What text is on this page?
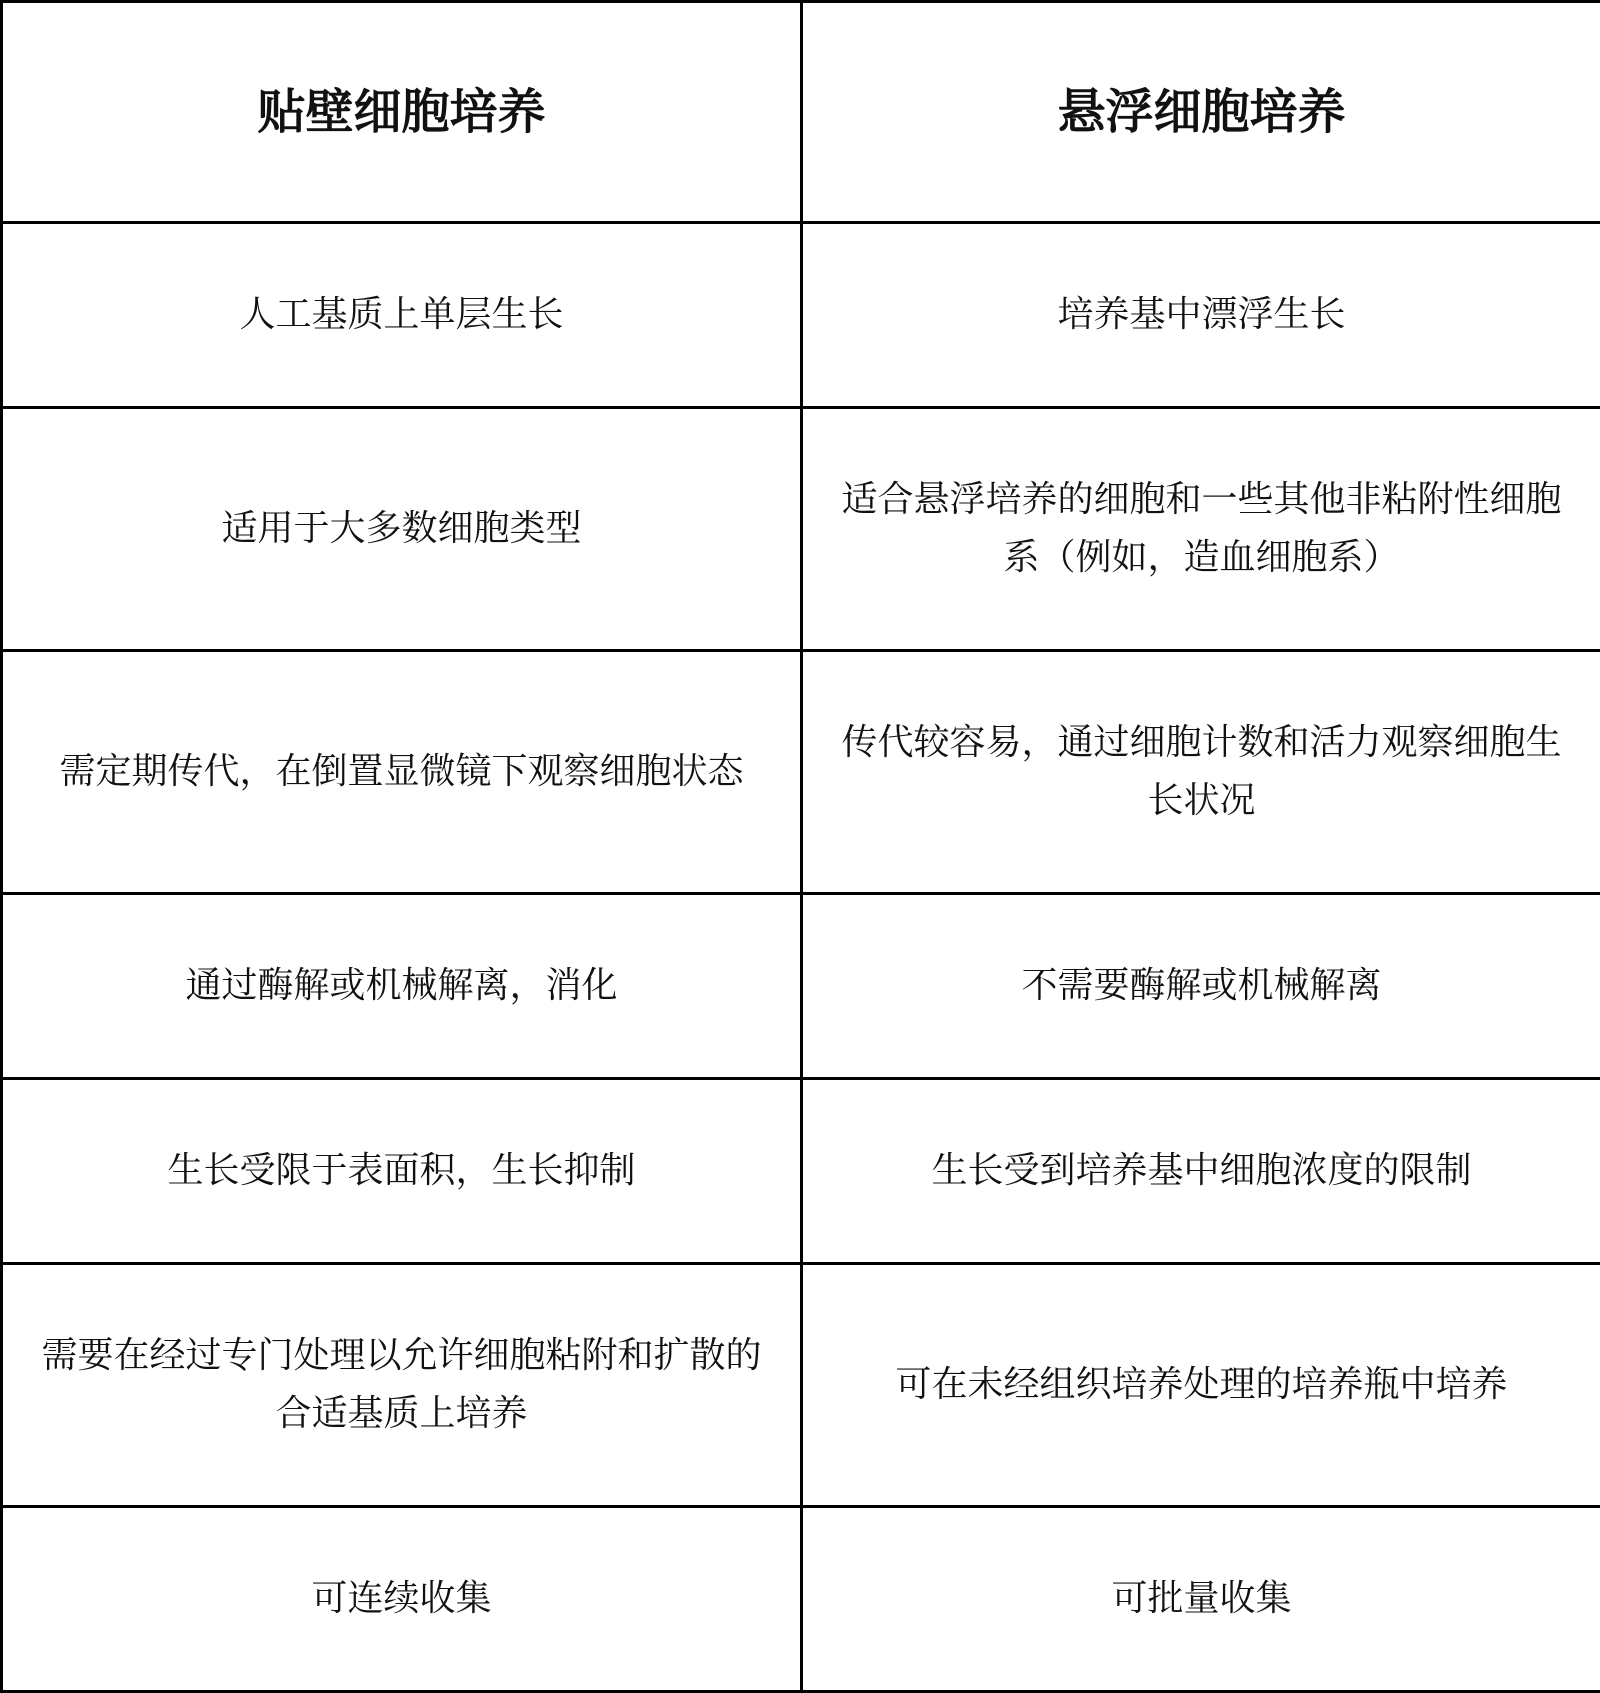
贴壁细胞培养	悬浮细胞培养
人工基质上单层生长	培养基中漂浮生长
适用于大多数细胞类型	适合悬浮培养的细胞和一些其他非粘附性细胞系（例如，造血细胞系）
需定期传代，在倒置显微镜下观察细胞状态	传代较容易，通过细胞计数和活力观察细胞生长状况
通过酶解或机械解离，消化	不需要酶解或机械解离
生长受限于表面积，生长抑制	生长受到培养基中细胞浓度的限制
需要在经过专门处理以允许细胞粘附和扩散的合适基质上培养	可在未经组织培养处理的培养瓶中培养
可连续收集	可批量收集
